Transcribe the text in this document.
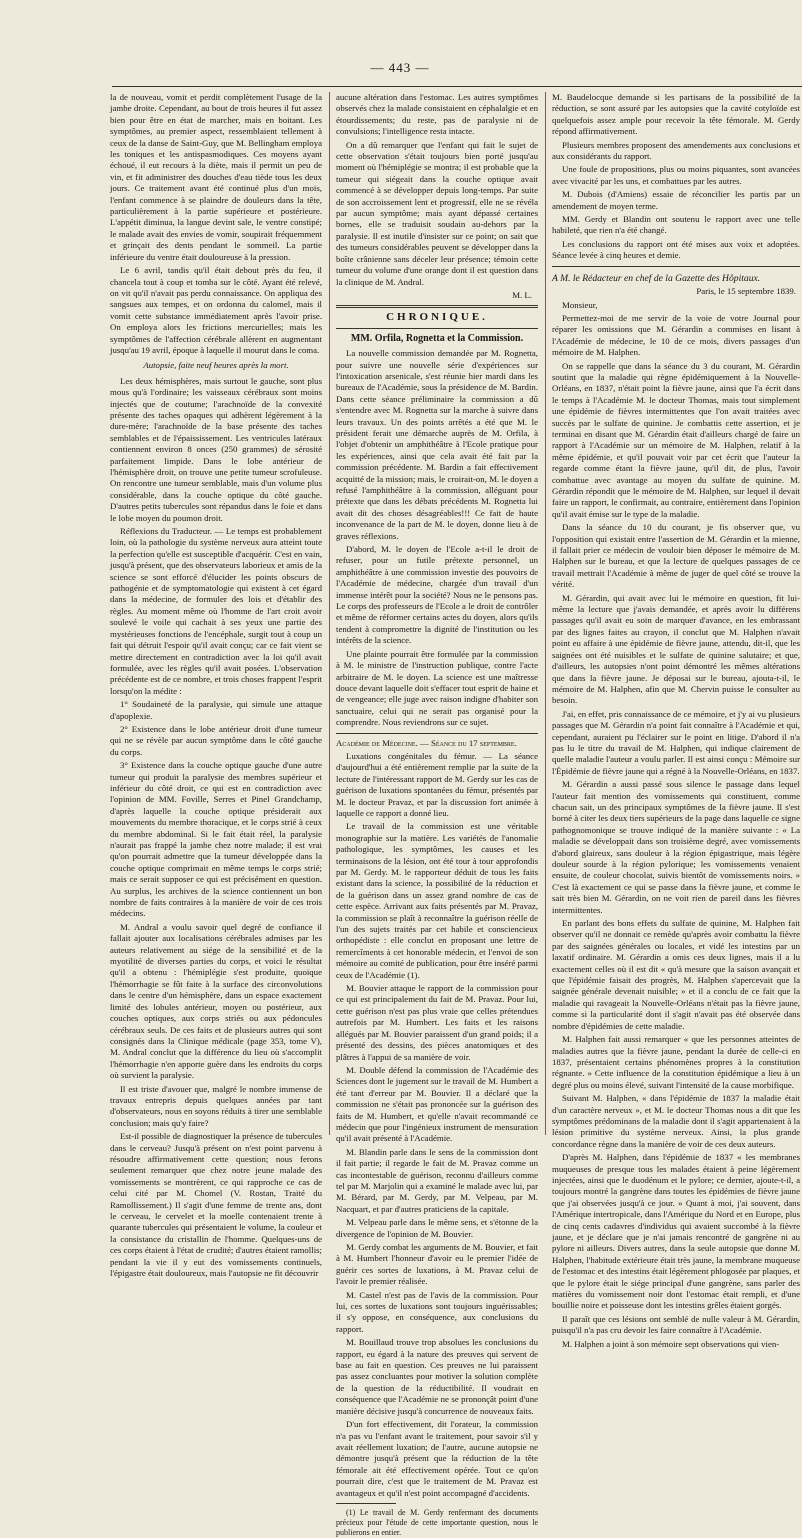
— 443 —

la de nouveau, vomit et perdit complètement l'usage de la jambe droite. Cependant, au bout de trois heures il fut assez bien pour être en état de marcher, mais en boitant. Les symptômes, au premier aspect, ressemblaient tellement à ceux de la danse de Saint-Guy, que M. Bellingham employa les toniques et les antispasmodiques. Ces moyens ayant échoué, il eut recours à la diète, mais il permit un peu de vin, et fit administrer des douches d'eau tiède tous les deux jours. Ce traitement avant été continué plus d'un mois, l'enfant commence à se plaindre de douleurs dans la tête, particulièrement à la partie supérieure et postérieure. L'appétit diminua, la langue devint sale, le ventre constipé; le malade avait des envies de vomir, soupirait fréquemment et grinçait des dents pendant le sommeil. La partie inférieure du ventre était douloureuse à la pression.

Le 6 avril, tandis qu'il était debout près du feu, il chancela tout à coup et tomba sur le côté. Ayant été relevé, on vit qu'il n'avait pas perdu connaissance. On appliqua des sangsues aux tempes, et on ordonna du calomel, mais il vomit cette substance immédiatement après l'avoir prise. On employa alors les frictions mercurielles; mais les symptômes de l'affection cérébrale allèrent en augmentant jusqu'au 19 avril, époque à laquelle il mourut dans le coma.

Autopsie, faite neuf heures après la mort.

Les deux hémisphères, mais surtout le gauche, sont plus mous qu'à l'ordinaire; les vaisseaux cérébraux sont moins injectés que de coutume; l'arachnoïde de la convexité présente des taches opaques qui adhèrent légèrement à la dure-mère; l'arachnoïde de la base présente des taches semblables et de l'épaississement. Les ventricules latéraux contiennent environ 8 onces (250 grammes) de sérosité parfaitement limpide. Dans le lobe antérieur de l'hémisphère droit, on trouve une petite tumeur scrofuleuse. On rencontre une tumeur semblable, mais d'un volume plus considérable, dans la couche optique du côté gauche. D'autres petits tubercules sont répandus dans le foie et dans le lobe moyen du poumon droit.

Réflexions du Traducteur. — Le temps est probablement loin, où la pathologie du système nerveux aura atteint toute la perfection qu'elle est susceptible d'acquérir. C'est en vain, jusqu'à présent, que des observateurs laborieux et amis de la science se sont efforcé d'élucider les points obscurs de pathogénie et de symptomatologie qui existent à cet égard dans la médecine, de formuler des lois et d'établir des règles. Au moment même où l'homme de l'art croit avoir soulevé le voile qui cachait à ses yeux une partie des mystérieuses fonctions de l'encéphale, surgit tout à coup un fait qui détruit l'espoir qu'il avait conçu; car ce fait vient se mettre directement en contradiction avec la loi qu'il avait formulée, avec les règles qu'il avait posées. L'observation précédente est de ce nombre, et trois choses frappent l'esprit lorsqu'on la médite :

1° Soudaineté de la paralysie, qui simule une attaque d'apoplexie.

2° Existence dans le lobe antérieur droit d'une tumeur qui ne se révèle par aucun symptôme dans le côté gauche du corps.

3° Existence dans la couche optique gauche d'une autre tumeur qui produit la paralysie des membres supérieur et inférieur du côté droit, ce qui est en contradiction avec l'opinion de MM. Foville, Serres et Pinel Grandchamp, d'après laquelle la couche optique présiderait aux mouvements du membre thoracique, et le corps strié à ceux du membre abdominal. Si le fait était réel, la paralysie n'aurait pas frappé la jambe chez notre malade; il est vrai qu'on pourrait admettre que la tumeur développée dans la couche optique comprimait en même temps le corps strié; mais ce serait supposer ce qui est précisément en question. Au surplus, les archives de la science contiennent un bon nombre de faits contraires à la manière de voir de ces trois médecins.

M. Andral a voulu savoir quel degré de confiance il fallait ajouter aux localisations cérébrales admises par les auteurs relativement au siége de la sensibilité et de la myotilité de diverses parties du corps, et voici le résultat qu'il a obtenu : l'hémiplégie s'est produite, quoique l'hémorrhagie se fût faite à la surface des circonvolutions dans le centre d'un hémisphère, dans un espace exactement limité des lobules antérieur, moyen ou postérieur, aux couches optiques, aux corps striés ou aux pédoncules cérébraux seuls. De ces faits et de plusieurs autres qui sont consignés dans la Clinique médicale (page 353, tome V), M. Andral conclut que la différence du lieu où s'accomplit l'hémorrhagie n'en apporte guère dans les endroits du corps où survient la paralysie.

Il est triste d'avouer que, malgré le nombre immense de travaux entrepris depuis quelques années par tant d'observateurs, nous en soyons réduits à tirer une semblable conclusion; mais qu'y faire?

Est-il possible de diagnostiquer la présence de tubercules dans le cerveau? Jusqu'à présent on n'est point parvenu à résoudre affirmativement cette question; nous ferons seulement remarquer que chez notre jeune malade des vomissements se montrèrent, ce qui rapproche ce cas de celui cité par M. Chomel (V. Rostan, Traité du Ramollissement.) Il s'agit d'une femme de trente ans, dont le cerveau, le cervelet et la moelle contenaient trente à quarante tubercules qui présentaient le volume, la couleur et la consistance du cristallin de l'homme. Quelques-uns de ces corps étaient à l'état de crudité; d'autres étaient ramollis; pendant la vie il y eut des vomissements continuels, l'épigastre était douloureux, mais l'autopsie ne fit découvrir

aucune altération dans l'estomac. Les autres symptômes observés chez la malade consistaient en céphalalgie et en étourdissements; du reste, pas de paralysie ni de convulsions; l'intelligence resta intacte.

On a dû remarquer que l'enfant qui fait le sujet de cette observation s'était toujours bien porté jusqu'au moment où l'hémiplégie se montra; il est probable que la tumeur qui siégeait dans la couche optique avait commencé à se développer depuis long-temps. Par suite de son accroissement lent et progressif, elle ne se révéla par aucun symptôme; mais ayant dépassé certaines bornes, elle se traduisit soudain au-dehors par la paralysie. Il est inutile d'insister sur ce point; on sait que des tumeurs considérables peuvent se développer dans la boîte crânienne sans déceler leur présence; témoin cette tumeur du volume d'une orange dont il est question dans la clinique de M. Andral.

M. L.

CHRONIQUE.
MM. Orfila, Rognetta et la Commission.

La nouvelle commission demandée par M. Rognetta, pour suivre une nouvelle série d'expériences sur l'intoxication arsenicale, s'est réunie hier mardi dans les bureaux de l'Académie, sous la présidence de M. Bardin. Dans cette séance préliminaire la commission a dû s'entendre avec M. Rognetta sur la marche à suivre dans leurs travaux. Un des points arrêtés a été que M. le président ferait une démarche auprès de M. Orfila, à l'objet d'obtenir un amphithéâtre à l'Ecole pratique pour les expériences, ainsi que cela avait été fait par la commission précédente. M. Bardin a fait effectivement acquitté de la mission; mais, le croirait-on, M. le doyen a refusé l'amphithéâtre à la commission, alléguant pour prétexte que dans les débats précédents M. Rognetta lui avait dit des choses désagréables!!! Ce fait de haute inconvenance de la part de M. le doyen, donne lieu à de graves réflexions.

D'abord, M. le doyen de l'Ecole a-t-il le droit de refuser, pour un futile prétexte personnel, un amphithéâtre à une commission investie des pouvoirs de l'Académie de médecine, chargée d'un travail d'un immense intérêt pour la société? Nous ne le pensons pas. Le corps des professeurs de l'Ecole a le droit de contrôler et même de réformer certains actes du doyen, alors qu'ils tendent à compromettre la dignité de l'institution ou les intérêts de la science.

Une plainte pourrait être formulée par la commission à M. le ministre de l'instruction publique, contre l'acte arbitraire de M. le doyen. La science est une maîtresse douce devant laquelle doit s'effacer tout esprit de haine et de vengeance; elle juge avec raison indigne d'habiter son sanctuaire, celui qui ne serait pas organisé pour la comprendre. Nous reviendrons sur ce sujet.

Académie de Médecine. — Séance du 17 septembre.

Luxations congénitales du fémur. — La séance d'aujourd'hui a été entièrement remplie par la suite de la lecture de l'intéressant rapport de M. Gerdy sur les cas de guérison de luxations spontanées du fémur, présentés par M. le docteur Pravaz, et par la discussion fort animée à laquelle ce rapport a donné lieu.

Le travail de la commission est une véritable monographie sur la matière. Les variétés de l'anomalie pathologique, les symptômes, les causes et les terminaisons de la lésion, ont été tour à tour approfondis par M. Gerdy. M. le rapporteur déduit de tous les faits existant dans la science, la possibilité de la réduction et de la guérison dans un assez grand nombre de cas de cette espèce. Arrivant aux faits présentés par M. Pravaz, la commission se plaît à reconnaître la guérison réelle de l'un des sujets traités par cet habile et consciencieux orthopédiste : elle conclut en proposant une lettre de remercîments à cet honorable médecin, et l'envoi de son mémoire au comité de publication, pour être inséré parmi ceux de l'Académie (1).

M. Bouvier attaque le rapport de la commission pour ce qui est principalement du fait de M. Pravaz. Pour lui, cette guérison n'est pas plus vraie que celles prétendues autrefois par M. Humbert. Les faits et les raisons allégués par M. Bouvier paraissent d'un grand poids; il a présenté des dessins, des pièces anatomiques et des plâtres à l'appui de sa manière de voir.

M. Double défend la commission de l'Académie des Sciences dont le jugement sur le travail de M. Humbert a été tant d'erreur par M. Bouvier. Il a déclaré que la commission ne s'était pas prononcée sur la guérison des faits de M. Humbert, et qu'elle n'avait recommandé ce médecin que pour l'ingénieux instrument de mensuration qu'il avait présenté à l'Académie.

M. Blandin parle dans le sens de la commission dont il fait partie; il regarde le fait de M. Pravaz comme un cas incontestable de guérison, reconnu d'ailleurs comme tel par M. Marjolin qui a examiné le malade avec lui, par M. Bérard, par M. Gerdy, par M. Velpeau, par M. Nacquart, et par d'autres praticiens de la capitale.

M. Velpeau parle dans le même sens, et s'étonne de la divergence de l'opinion de M. Bouvier.

M. Gerdy combat les arguments de M. Bouvier, et fait à M. Humbert l'honneur d'avoir eu le premier l'idée de guérir ces sortes de luxations, à M. Pravaz celui de l'avoir le premier réalisée.

M. Castel n'est pas de l'avis de la commission. Pour lui, ces sortes de luxations sont toujours inguérissables; il s'y oppose, en conséquence, aux conclusions du rapport.

M. Bouillaud trouve trop absolues les conclusions du rapport, eu égard à la nature des preuves qui servent de base au fait en question. Ces preuves ne lui paraissent pas assez concluantes pour motiver la solution complète de la question de la réductibilité. Il voudrait en conséquence que l'Académie ne se prononçât point d'une manière décisive jusqu'à concurrence de nouveaux faits.

D'un fort effectivement, dit l'orateur, la commission n'a pas vu l'enfant avant le traitement, pour savoir s'il y avait réellement luxation; de l'autre, aucune autopsie ne démontre jusqu'à présent que la réduction de la tête fémorale ait été effectivement opérée. Tout ce qu'on pourrait dire, c'est que le traitement de M. Pravaz est avantageux et qu'il n'est point accompagné d'accidents.

(1) Le travail de M. Gerdy renfermant des documents précieux pour l'étude de cette importante question, nous le publierons en entier.

M. Baudelocque demande si les partisans de la possibilité de la réduction, se sont assuré par les autopsies que la cavité cotyloïde est quelquefois assez ample pour recevoir la tête fémorale. M. Gerdy répond affirmativement.

Plusieurs membres proposent des amendements aux conclusions et aux considérants du rapport.

Une foule de propositions, plus ou moins piquantes, sont avancées avec vivacité par les uns, et combattues par les autres.

M. Dubois (d'Amiens) essaie de réconcilier les partis par un amendement de moyen terme.

MM. Gerdy et Blandin ont soutenu le rapport avec une telle habileté, que rien n'a été changé.

Les conclusions du rapport ont été mises aux voix et adoptées. Séance levée à cinq heures et demie.

A M. le Rédacteur en chef de la Gazette des Hôpitaux.

Paris, le 15 septembre 1839.

Monsieur,

Permettez-moi de me servir de la voie de votre Journal pour réparer les omissions que M. Gérardin a commises en lisant à l'Académie de médecine, le 10 de ce mois, divers passages d'un mémoire de M. Halphen.

On se rappelle que dans la séance du 3 du courant, M. Gérardin soutint que la maladie qui règne épidémiquement à la Nouvelle-Orléans, en 1837, n'était point la fièvre jaune, ainsi que l'a écrit dans le temps à l'Académie M. le docteur Thomas, mais tout simplement une épidémie de fièvres intermittentes que l'on avait traitées avec succès par le sulfate de quinine. Je combattis cette assertion, et je terminai en disant que M. Gérardin était d'ailleurs chargé de faire un rapport à l'Académie sur un mémoire de M. Halphen, relatif à la même épidémie, et qu'il pouvait voir par cet écrit que l'auteur la regarde comme étant la fièvre jaune, qu'il dit, de plus, l'avoir combattue avec avantage au moyen du sulfate de quinine. M. Gérardin répondit que le mémoire de M. Halphen, sur lequel il devait faire un rapport, le confirmait, au contraire, entièrement dans l'opinion qu'il avait émise sur le type de la maladie.

Dans la séance du 10 du courant, je fis observer que, vu l'opposition qui existait entre l'assertion de M. Gérardin et la mienne, il fallait prier ce médecin de vouloir bien déposer le mémoire de M. Halphen sur le bureau, et que la lecture de quelques passages de ce travail mettrait l'Académie à même de juger de quel côté se trouve la vérité.

M. Gérardin, qui avait avec lui le mémoire en question, fit lui-même la lecture que j'avais demandée, et après avoir lu différens passages qu'il avait eu soin de marquer d'avance, en les embrassant par des lignes faites au crayon, il conclut que M. Halphen n'avait point eu affaire à une épidémie de fièvre jaune, attendu, dit-il, que les saignées ont été nuisibles et le sulfate de quinine salutaire; et que, d'ailleurs, les autopsies n'ont point démontré les mêmes altérations que dans la fièvre jaune. Je déposai sur le bureau, ajouta-t-il, le mémoire de M. Halphen, afin que M. Chervin puisse le consulter au besoin.

J'ai, en effet, pris connaissance de ce mémoire, et j'y ai vu plusieurs passages que M. Gérardin n'a point fait connaître à l'Académie et qui, cependant, auraient pu l'éclairer sur le point en litige. D'abord il n'a pas lu le titre du travail de M. Halphen, qui indique clairement de quelle maladie l'auteur a voulu parler. Il est ainsi conçu : Mémoire sur l'Épidémie de fièvre jaune qui a régné à la Nouvelle-Orléans, en 1837.

M. Gérardin a aussi passé sous silence le passage dans lequel l'auteur fait mention des vomissements qui constituent, comme chacun sait, un des principaux symptômes de la fièvre jaune. Il s'est borné à citer les deux tiers supérieurs de la page dans laquelle ce signe pathognomonique se trouve indiqué de la manière suivante : « La maladie se développait dans son troisième degré, avec vomissements d'abord glaireux, sans douleur à la région épigastrique, mais légère douleur sourde à la région pylorique; les vomissements venaient ensuite, de couleur chocolat, suivis bientôt de vomissements noirs. » C'est là exactement ce qui se passe dans la fièvre jaune, et comme le sait très bien M. Gérardin, on ne voit rien de pareil dans les fièvres intermittentes.

En parlant des bons effets du sulfate de quinine, M. Halphen fait observer qu'il ne donnait ce remède qu'après avoir combattu la fièvre par des saignées générales ou locales, et vidé les intestins par un laxatif ordinaire. M. Gérardin a omis ces deux lignes, mais il a lu exactement celles où il est dit « qu'à mesure que la saison avançait et que l'épidémie faisait des progrès, M. Halphen s'apercevait que la saignée générale devenait nuisible; » et il a conclu de ce fait que la maladie qui ravageait la Nouvelle-Orléans n'était pas la fièvre jaune, comme si la particularité dont il s'agit n'avait pas été observée dans nombre d'épidémies de cette maladie.

M. Halphen fait aussi remarquer « que les personnes atteintes de maladies autres que la fièvre jaune, pendant la durée de celle-ci en 1837, présentaient certains phénomènes propres à la constitution régnante. » Cette influence de la constitution épidémique a lieu à un degré plus ou moins élevé, suivant l'intensité de la cause morbifique.

Suivant M. Halphen, « dans l'épidémie de 1837 la maladie était d'un caractère nerveux », et M. le docteur Thomas nous a dit que les symptômes prédominans de la maladie dont il s'agit appartenaient à la lésion primitive du système nerveux. Ainsi, la plus grande concordance règne dans la manière de voir de ces deux auteurs.

D'après M. Halphen, dans l'épidémie de 1837 « les membranes muqueuses de presque tous les malades étaient à peine légèrement injectées, ainsi que le duodénum et le pylore; ce dernier, ajoute-t-il, a toujours montré la gangrène dans toutes les épidémies de fièvre jaune que j'ai observées jusqu'à ce jour. » Quant à moi, j'ai souvent, dans l'Amérique intertropicale, dans l'Amérique du Nord et en Europe, plus de cinq cents cadavres d'individus qui avaient succombé à la fièvre jaune, et je déclare que je n'ai jamais rencontré de gangrène ni au pylore ni ailleurs. Divers autres, dans la seule autopsie que donne M. Halphen, l'habitude extérieure était très jaune, la membrane muqueuse de l'estomac et des intestins était légèrement phlogosée par plaques, et que le pylore était le siége principal d'une gangrène, sans parler des matières du vomissement noir dont l'estomac était rempli, et d'une bouillie noire et poisseuse dont les intestins grêles étaient gorgés.

Il paraît que ces lésions ont semblé de nulle valeur à M. Gérardin, puisqu'il n'a pas cru devoir les faire connaître à l'Académie.

M. Halphen a joint à son mémoire sept observations qui vien-
